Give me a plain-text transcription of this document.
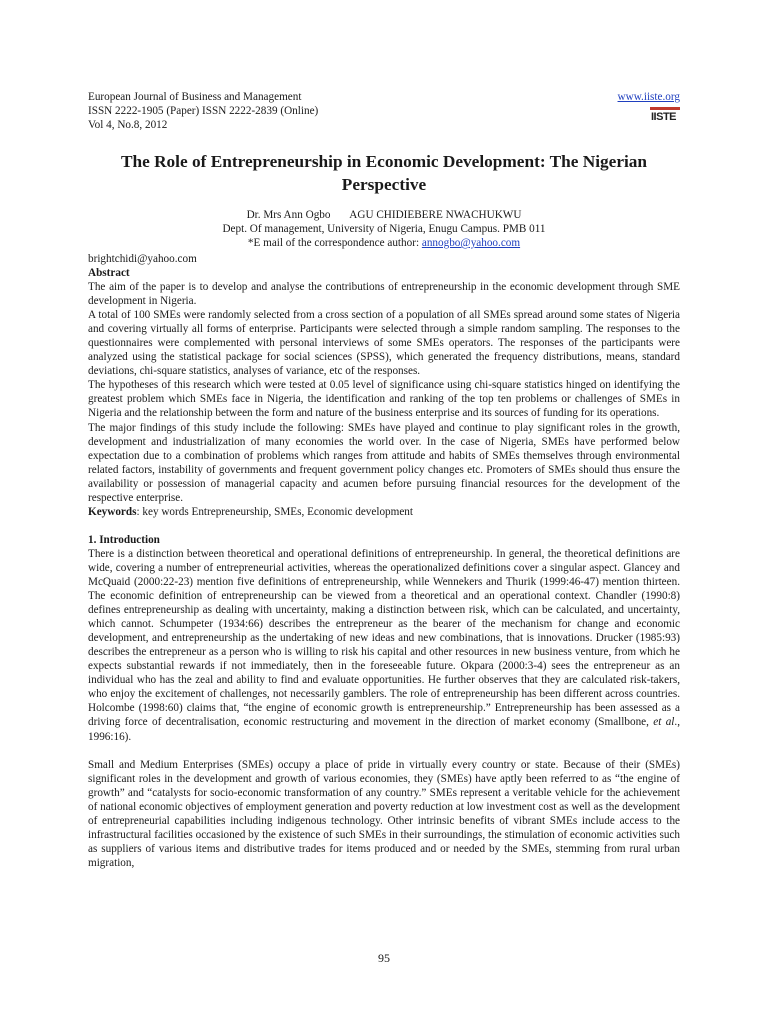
European Journal of Business and Management
ISSN 2222-1905 (Paper) ISSN 2222-2839 (Online)
Vol 4, No.8, 2012
www.iiste.org
IISTE
The Role of Entrepreneurship in Economic Development: The Nigerian Perspective
Dr. Mrs Ann Ogbo AGU CHIDIEBERE NWACHUKWU
Dept. Of management, University of Nigeria, Enugu Campus. PMB 011
*E mail of the correspondence author: annogbo@yahoo.com
brightchidi@yahoo.com

Abstract

The aim of the paper is to develop and analyse the contributions of entrepreneurship in the economic development through SME development in Nigeria.

A total of 100 SMEs were randomly selected from a cross section of a population of all SMEs spread around some states of Nigeria and covering virtually all forms of enterprise. Participants were selected through a simple random sampling. The responses to the questionnaires were complemented with personal interviews of some SMEs operators. The responses of the participants were analyzed using the statistical package for social sciences (SPSS), which generated the frequency distributions, means, standard deviations, chi-square statistics, analyses of variance, etc of the responses.

The hypotheses of this research which were tested at 0.05 level of significance using chi-square statistics hinged on identifying the greatest problem which SMEs face in Nigeria, the identification and ranking of the top ten problems or challenges of SMEs in Nigeria and the relationship between the form and nature of the business enterprise and its sources of funding for its operations.

The major findings of this study include the following: SMEs have played and continue to play significant roles in the growth, development and industrialization of many economies the world over. In the case of Nigeria, SMEs have performed below expectation due to a combination of problems which ranges from attitude and habits of SMEs themselves through environmental related factors, instability of governments and frequent government policy changes etc. Promoters of SMEs should thus ensure the availability or possession of managerial capacity and acumen before pursuing financial resources for the development of the respective enterprise.

Keywords: key words Entrepreneurship, SMEs, Economic development

1. Introduction

There is a distinction between theoretical and operational definitions of entrepreneurship. In general, the theoretical definitions are wide, covering a number of entrepreneurial activities, whereas the operationalized definitions cover a singular aspect. Glancey and McQuaid (2000:22-23) mention five definitions of entrepreneurship, while Wennekers and Thurik (1999:46-47) mention thirteen. The economic definition of entrepreneurship can be viewed from a theoretical and an operational context. Chandler (1990:8) defines entrepreneurship as dealing with uncertainty, making a distinction between risk, which can be calculated, and uncertainty, which cannot. Schumpeter (1934:66) describes the entrepreneur as the bearer of the mechanism for change and economic development, and entrepreneurship as the undertaking of new ideas and new combinations, that is innovations. Drucker (1985:93) describes the entrepreneur as a person who is willing to risk his capital and other resources in new business venture, from which he expects substantial rewards if not immediately, then in the foreseeable future. Okpara (2000:3-4) sees the entrepreneur as an individual who has the zeal and ability to find and evaluate opportunities. He further observes that they are calculated risk-takers, who enjoy the excitement of challenges, not necessarily gamblers. The role of entrepreneurship has been different across countries. Holcombe (1998:60) claims that, “the engine of economic growth is entrepreneurship.” Entrepreneurship has been assessed as a driving force of decentralisation, economic restructuring and movement in the direction of market economy (Smallbone, et al., 1996:16).

Small and Medium Enterprises (SMEs) occupy a place of pride in virtually every country or state. Because of their (SMEs) significant roles in the development and growth of various economies, they (SMEs) have aptly been referred to as “the engine of growth” and “catalysts for socio-economic transformation of any country.” SMEs represent a veritable vehicle for the achievement of national economic objectives of employment generation and poverty reduction at low investment cost as well as the development of entrepreneurial capabilities including indigenous technology. Other intrinsic benefits of vibrant SMEs include access to the infrastructural facilities occasioned by the existence of such SMEs in their surroundings, the stimulation of economic activities such as suppliers of various items and distributive trades for items produced and or needed by the SMEs, stemming from rural urban migration,

95
